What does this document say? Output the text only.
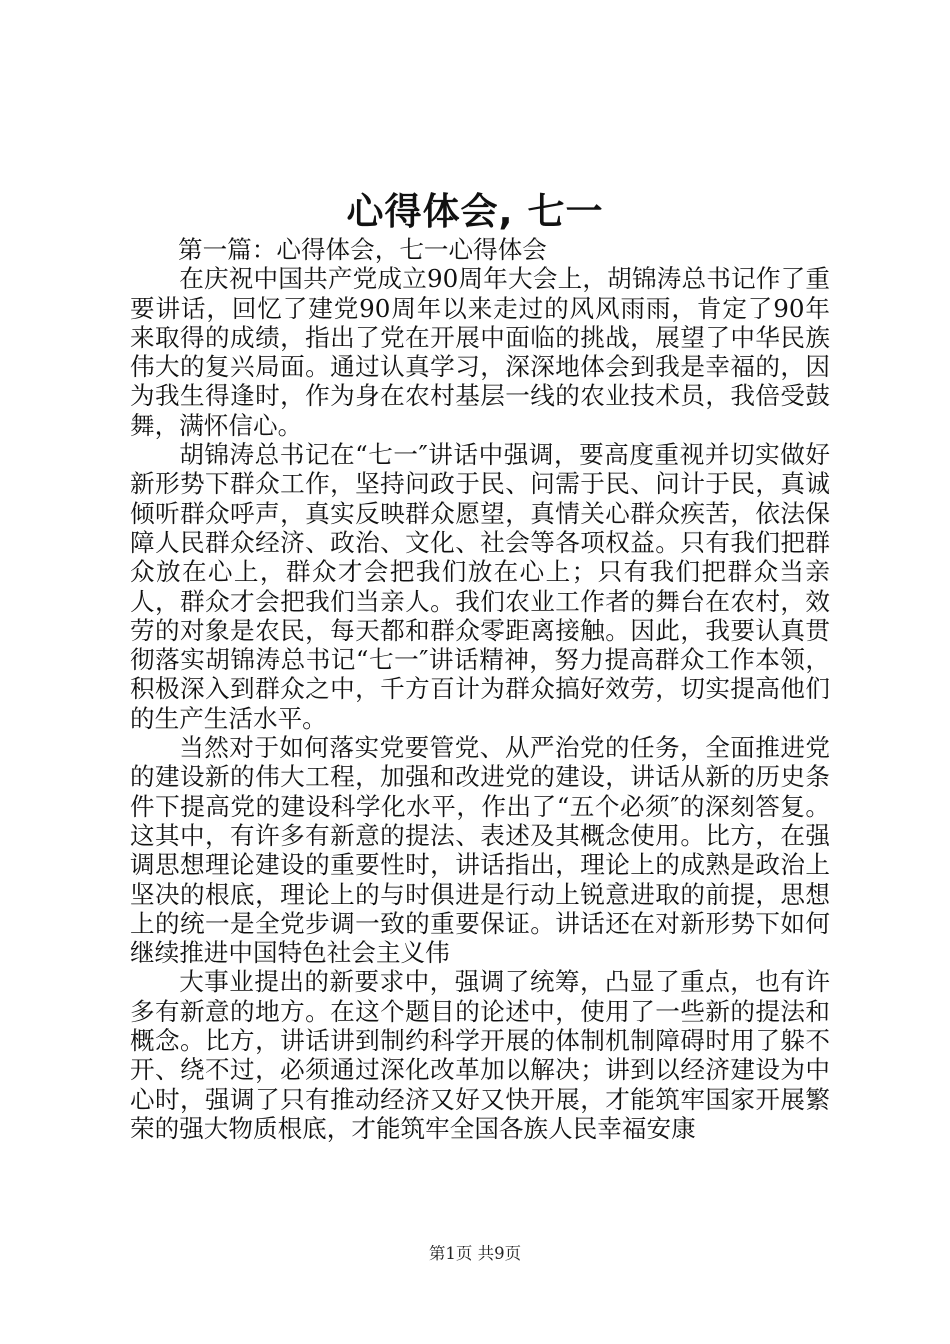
心得体会, 七一

第一篇：心得体会，七一心得体会

在庆祝中国共产党成立90周年大会上，胡锦涛总书记作了重要讲话，回忆了建党90周年以来走过的风风雨雨，肯定了90年来取得的成绩，指出了党在开展中面临的挑战，展望了中华民族伟大的复兴局面。通过认真学习，深深地体会到我是幸福的，因为我生得逢时，作为身在农村基层一线的农业技术员，我倍受鼓舞，满怀信心。

胡锦涛总书记在“七一″讲话中强调，要高度重视并切实做好新形势下群众工作，坚持问政于民、问需于民、问计于民，真诚倾听群众呼声，真实反映群众愿望，真情关心群众疾苦，依法保障人民群众经济、政治、文化、社会等各项权益。只有我们把群众放在心上，群众才会把我们放在心上；只有我们把群众当亲人，群众才会把我们当亲人。我们农业工作者的舞台在农村，效劳的对象是农民，每天都和群众零距离接触。因此，我要认真贯彻落实胡锦涛总书记“七一″讲话精神，努力提高群众工作本领，积极深入到群众之中，千方百计为群众搞好效劳，切实提高他们的生产生活水平。

当然对于如何落实党要管党、从严治党的任务，全面推进党的建设新的伟大工程，加强和改进党的建设，讲话从新的历史条件下提高党的建设科学化水平，作出了“五个必须″的深刻答复。这其中，有许多有新意的提法、表述及其概念使用。比方，在强调思想理论建设的重要性时，讲话指出，理论上的成熟是政治上坚决的根底，理论上的与时俱进是行动上锐意进取的前提，思想上的统一是全党步调一致的重要保证。讲话还在对新形势下如何继续推进中国特色社会主义伟

大事业提出的新要求中，强调了统筹，凸显了重点，也有许多有新意的地方。在这个题目的论述中，使用了一些新的提法和概念。比方，讲话讲到制约科学开展的体制机制障碍时用了躲不开、绕不过，必须通过深化改革加以解决；讲到以经济建设为中心时，强调了只有推动经济又好又快开展，才能筑牢国家开展繁荣的强大物质根底，才能筑牢全国各族人民幸福安康

第1页 共9页
